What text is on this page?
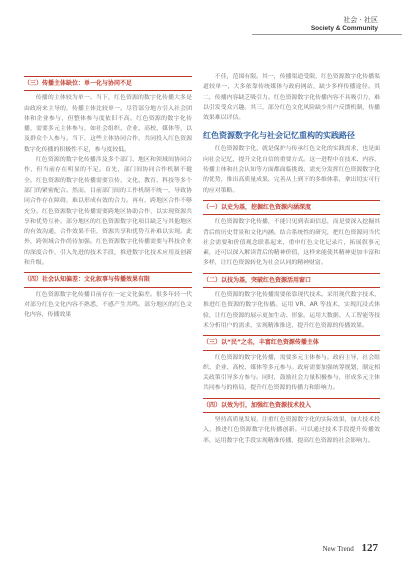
社会 · 社区
Society & Community
（三）传播主体缺位：单一化与协同不足

传播的主体较为单一。当下，红色资源的数字化传播大多是由政府来主导的，传播主体比较单一。尽管部分地方引入社会团体和企业参与，但整体参与度依旧不高。红色资源的数字化传播，需要多元主体参与，如社会组织、企业、高校、媒体等，以及群众个人参与。当下，这些主体协同合作，共同投入红色资源数字化传播的积极性不足，参与度较低。

红色资源的数字化传播涉及多个部门、地区和领域间协同合作，但当前存在明显的不足。首先，部门间协同合作机制不健全。红色资源的数字化传播需要宣传、文化、教育、科技等多个部门的紧密配合。然而，目前部门间的工作机制不统一，导致协同合作存在障碍，难以形成有效的合力。再有，跨地区合作不够充分。红色资源数字化传播需要跨地区协助合作，以实现资源共享和优势互补。部分地区的红色资源数字化项目缺乏与其他地区的有效沟通，合作效果不佳，资源共享和优势互补难以实现。此外，跨领域合作尚待加强。红色资源数字化传播需要与科技企业的深度合作，引入先进的技术手段，推进数字化技术应用及创新和升级。

（四）社会认知偏差：文化叙事与传播效果有限

红色资源数字化传播目前存在一定文化偏差。很多年轻一代对部分红色文化内容不熟悉，不感产生共鸣。部分地区的红色文化内容，传播效果

不佳，范围有限。其一，传播渠道受限，红色资源数字化传播渠道较单一，大多依靠传统媒体与政府网站，缺少多样传播途径。其二，传播内容缺乏吸引力。红色资源数字化传播内容不具吸引力，难以引发受众兴趣。其三，部分红色文化风险缺少用户反馈机制，传播效果难以评估。

红色资源数字化与社会记忆重构的实践路径

红色资源数字化，就是保护与传承红色文化的实践需求，也是面向社会记忆，提升文化自信的重要方式。这一进程中在技术、内容、传播主体和社会认知等方面都面临挑战，需充分发挥红色资源数字化的优势，推出高质量成果，完善从上到下的多维体系，拿出切实可行的应对策略。

（一）以史为基，挖掘红色资源内涵深度

红色资源数字化传播，不能只见到表面信息，而是要深入挖掘其背后的历史背景和文化内涵。结合系统性的研究，把红色资源同当代社会需要和价值观念联系起来，重申红色文化记录片，拓展叙事元素，还可以深入解读背后的精神价值，这样来能使其精神更加丰富和多样，让红色资源转化为社会认同的精神财富。

（二）以技为基，突破红色资源活用窗口

红色资源的数字化传播需要依靠现代技术。采用现代数字技术，推进红色资源的数字化传播。运用 VR、AR 等技术，实现沉浸式体验，让红色资源的展示更加生动、形象。运用大数据、人工智能等技术分析用户的需求，实现精准推送，提升红色资源的传播效果。

（三）以“民”之名，丰富红色资源传播主体

红色资源的数字化传播，需要多元主体参与。政府主导，社会组织、企业、高校、媒体等多元参与。政府需要加强统筹规划，制定相关政策引导多方参与。同时，鼓励社会力量积极参与，形成多元主体共同参与的格局，提升红色资源的传播力和影响力。

（四）以效为引，加强红色资源技术投入

坚持高质量发展，注重红色资源数字化的实际效果，加大技术投入，推进红色资源数字化传播创新。可以通过技术手段提升传播效率，运用数字化手段实现精准传播，提高红色资源的社会影响力。

New Trend 127
